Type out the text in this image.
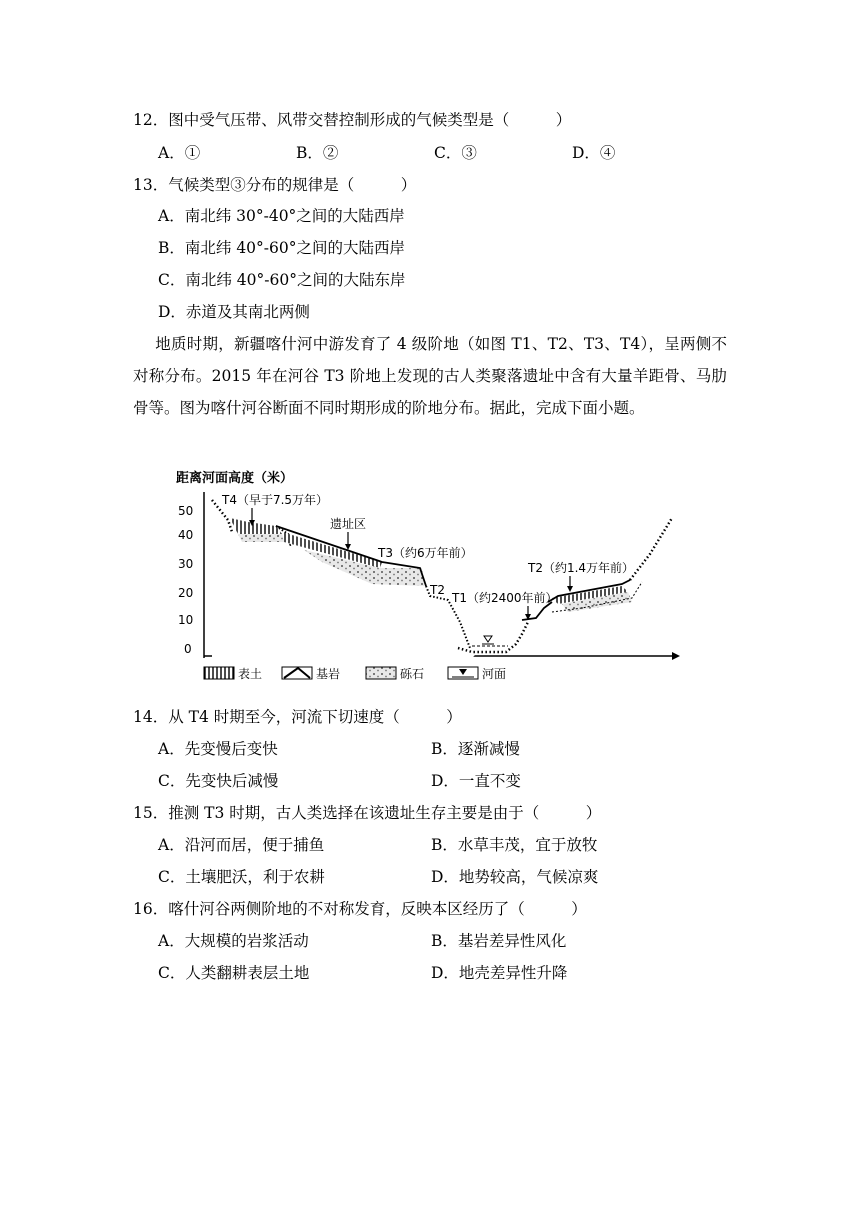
12．图中受气压带、风带交替控制形成的气候类型是（　　　）
A．①	B．②	C．③	D．④
13．气候类型③分布的规律是（　　　）
A．南北纬 30°-40°之间的大陆西岸
B．南北纬 40°-60°之间的大陆西岸
C．南北纬 40°-60°之间的大陆东岸
D．赤道及其南北两侧
地质时期，新疆喀什河中游发育了 4 级阶地（如图 T1、T2、T3、T4），呈两侧不对称分布。2015 年在河谷 T3 阶地上发现的古人类聚落遗址中含有大量羊距骨、马肋骨等。图为喀什河谷断面不同时期形成的阶地分布。据此，完成下面小题。
距离河面高度（米）
50
40
30
20
10
0
T4（早于7.5万年）
遗址区
T3（约6万年前）
T2
T1（约2400年前）
T2（约1.4万年前）
表土	基岩	砾石	河面
14．从 T4 时期至今，河流下切速度（　　　）
A．先变慢后变快	B．逐渐减慢
C．先变快后减慢	D．一直不变
15．推测 T3 时期，古人类选择在该遗址生存主要是由于（　　　）
A．沿河而居，便于捕鱼	B．水草丰茂，宜于放牧
C．土壤肥沃，利于农耕	D．地势较高，气候凉爽
16．喀什河谷两侧阶地的不对称发育，反映本区经历了（　　　）
A．大规模的岩浆活动	B．基岩差异性风化
C．人类翻耕表层土地	D．地壳差异性升降
